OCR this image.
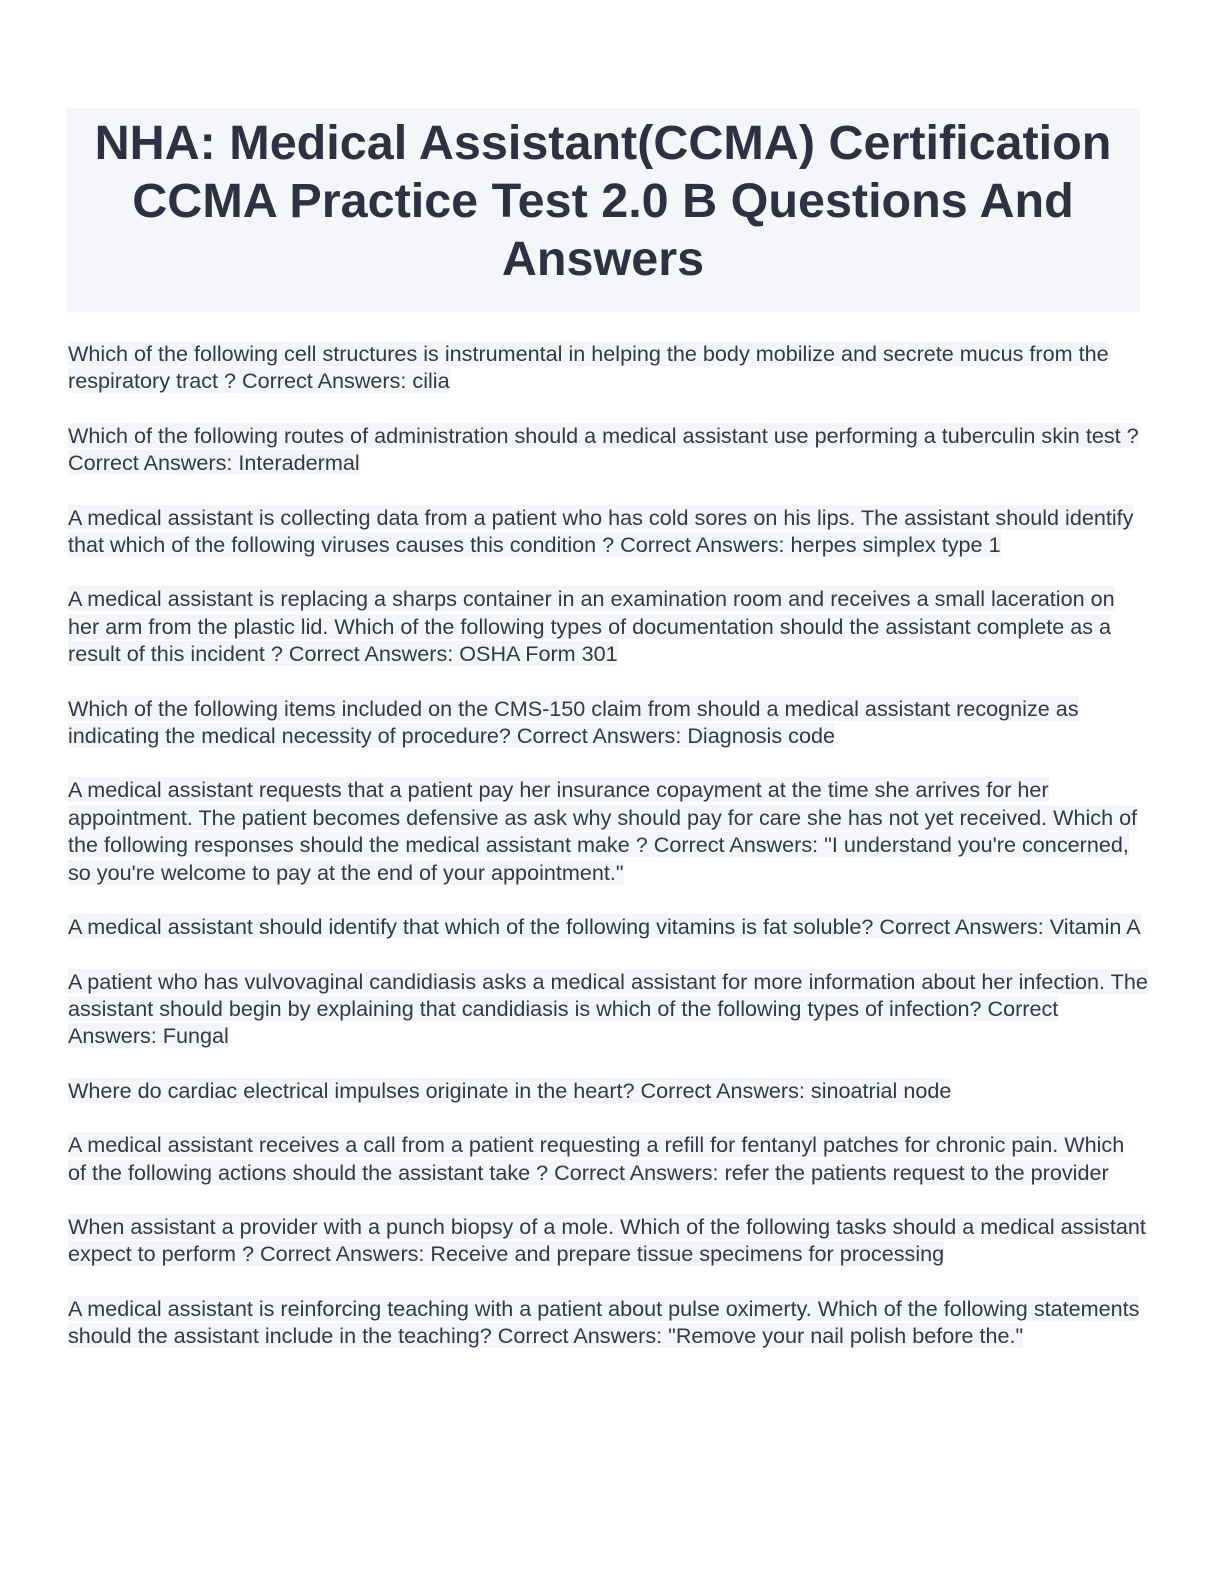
NHA: Medical Assistant(CCMA) Certification CCMA Practice Test 2.0 B Questions And Answers

Which of the following cell structures is instrumental in helping the body mobilize and secrete mucus from the respiratory tract ? Correct Answers: cilia

Which of the following routes of administration should a medical assistant use performing a tuberculin skin test ? Correct Answers: Interadermal

A medical assistant is collecting data from a patient who has cold sores on his lips. The assistant should identify that which of the following viruses causes this condition ? Correct Answers: herpes simplex type 1

A medical assistant is replacing a sharps container in an examination room and receives a small laceration on her arm from the plastic lid. Which of the following types of documentation should the assistant complete as a result of this incident ? Correct Answers: OSHA Form 301

Which of the following items included on the CMS-150 claim from should a medical assistant recognize as indicating the medical necessity of procedure? Correct Answers: Diagnosis code

A medical assistant requests that a patient pay her insurance copayment at the time she arrives for her appointment. The patient becomes defensive as ask why should pay for care she has not yet received. Which of the following responses should the medical assistant make ? Correct Answers: "I understand you're concerned, so you're welcome to pay at the end of your appointment."

A medical assistant should identify that which of the following vitamins is fat soluble? Correct Answers: Vitamin A

A patient who has vulvovaginal candidiasis asks a medical assistant for more information about her infection. The assistant should begin by explaining that candidiasis is which of the following types of infection? Correct Answers: Fungal

Where do cardiac electrical impulses originate in the heart? Correct Answers: sinoatrial node

A medical assistant receives a call from a patient requesting a refill for fentanyl patches for chronic pain. Which of the following actions should the assistant take ? Correct Answers: refer the patients request to the provider

When assistant a provider with a punch biopsy of a mole. Which of the following tasks should a medical assistant expect to perform ? Correct Answers: Receive and prepare tissue specimens for processing

A medical assistant is reinforcing teaching with a patient about pulse oximerty. Which of the following statements should the assistant include in the teaching? Correct Answers: "Remove your nail polish before the."
